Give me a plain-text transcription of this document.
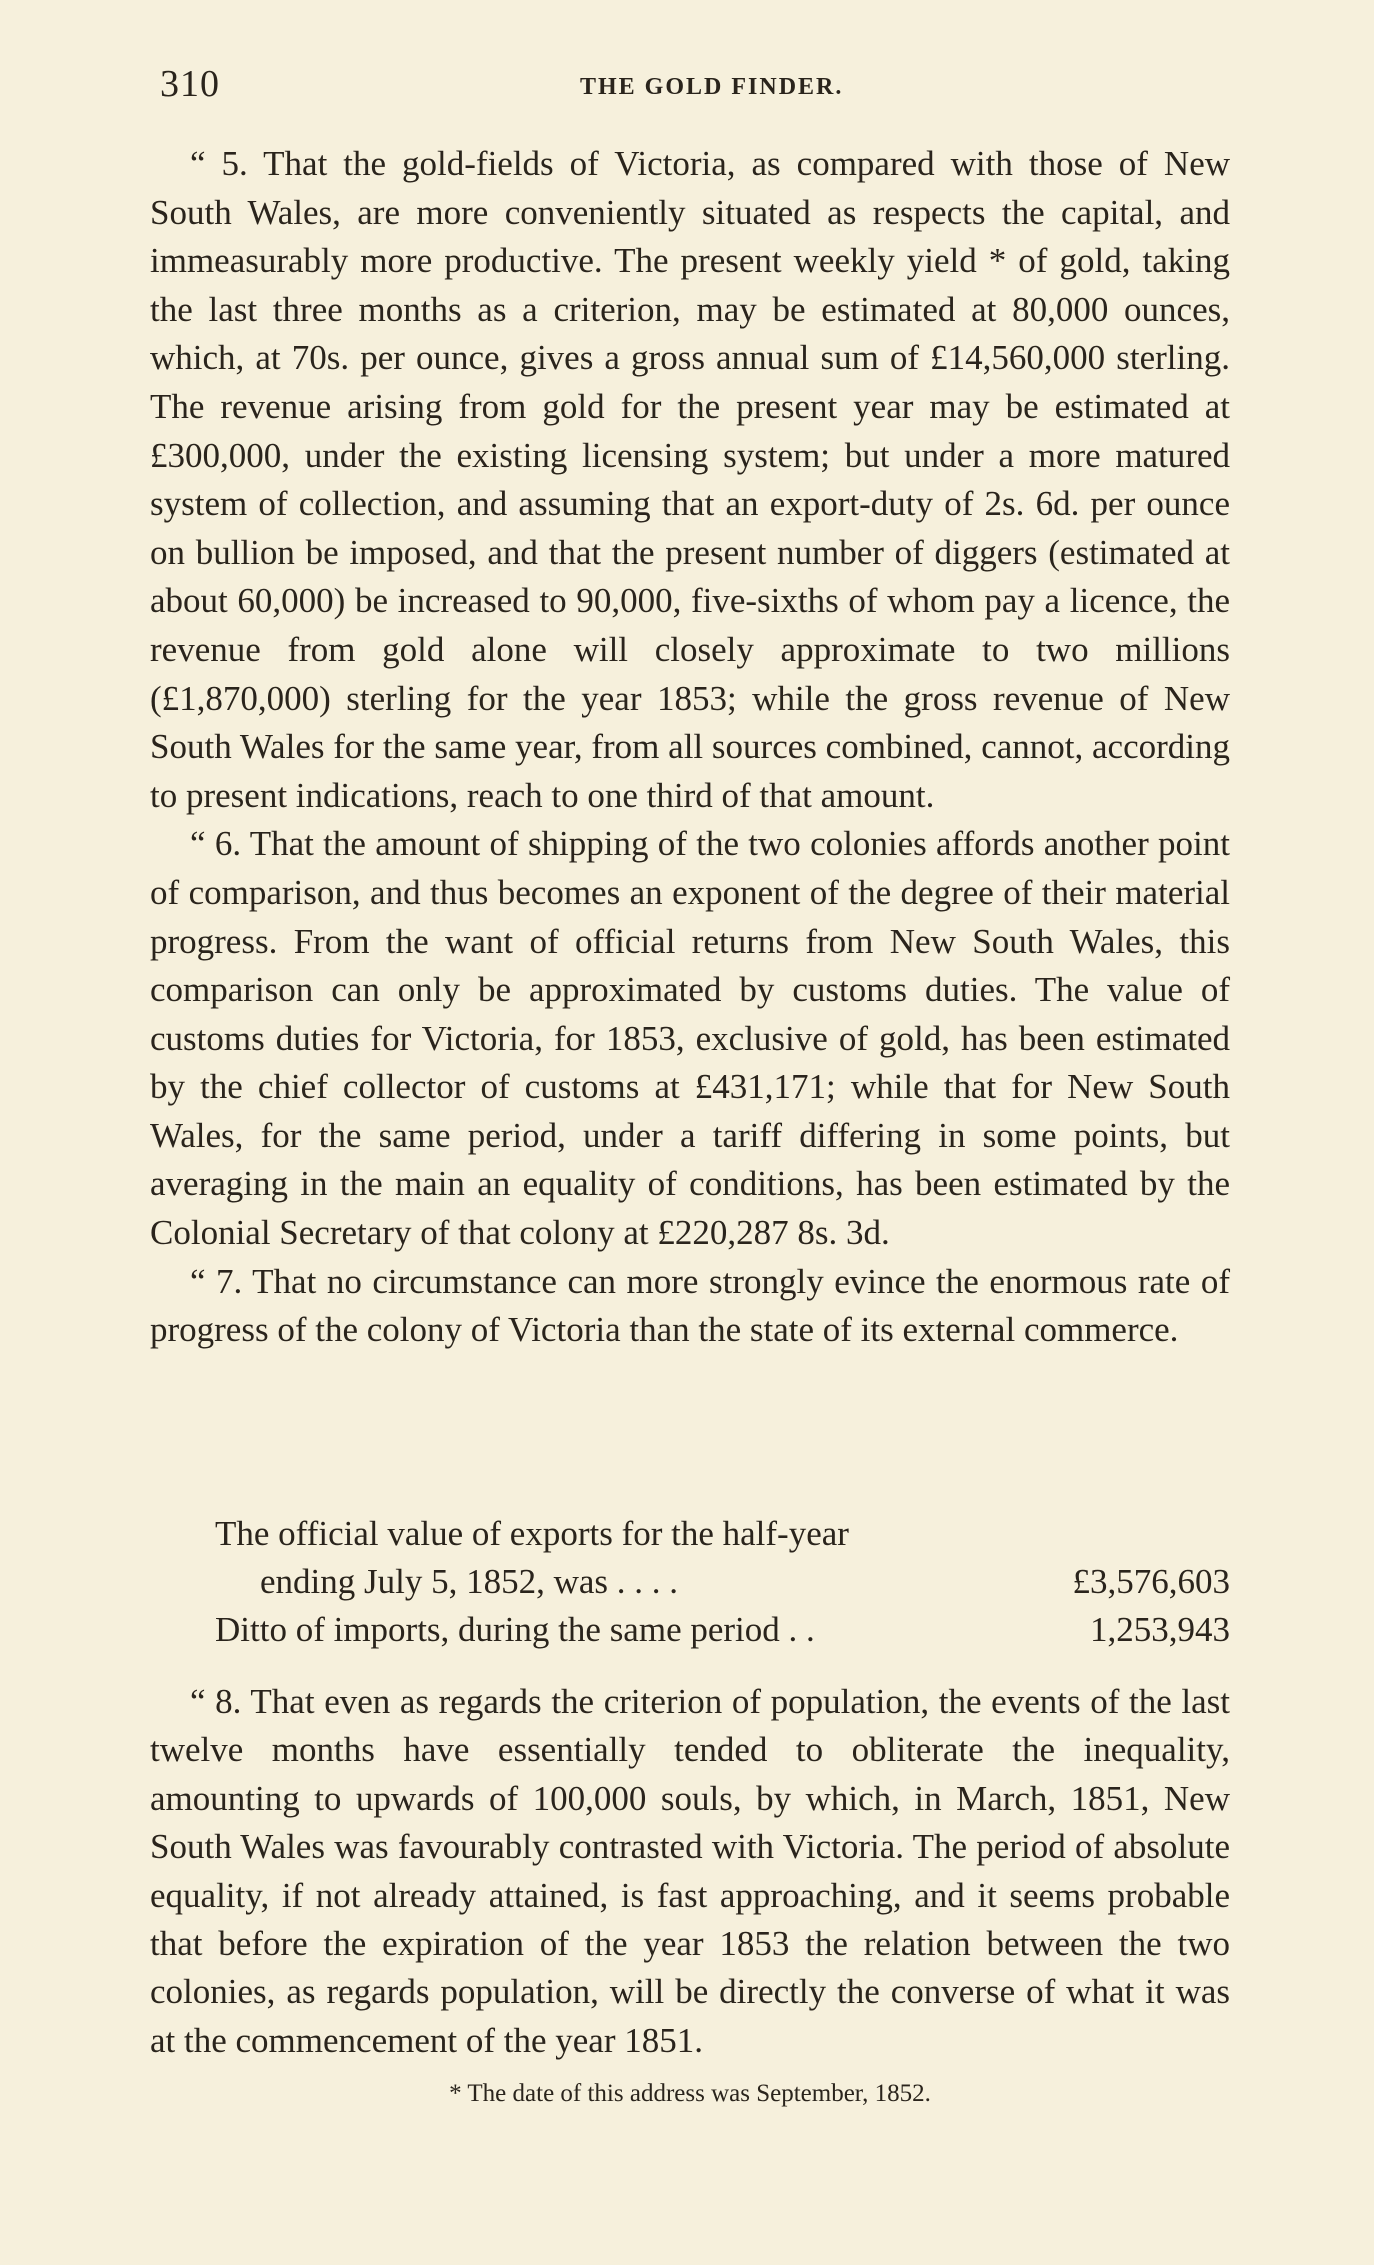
310	THE GOLD FINDER.

“ 5. That the gold-fields of Victoria, as compared with those of New South Wales, are more conveniently situated as respects the capital, and immeasurably more productive. The present weekly yield * of gold, taking the last three months as a criterion, may be estimated at 80,000 ounces, which, at 70s. per ounce, gives a gross annual sum of £14,560,000 sterling. The revenue arising from gold for the present year may be estimated at £300,000, under the existing licensing system; but under a more matured system of collection, and assuming that an export-duty of 2s. 6d. per ounce on bullion be imposed, and that the present number of diggers (estimated at about 60,000) be increased to 90,000, five-sixths of whom pay a licence, the revenue from gold alone will closely approximate to two millions (£1,870,000) sterling for the year 1853; while the gross revenue of New South Wales for the same year, from all sources combined, cannot, according to present indications, reach to one third of that amount.

“ 6. That the amount of shipping of the two colonies affords another point of comparison, and thus becomes an exponent of the degree of their material progress. From the want of official returns from New South Wales, this comparison can only be approximated by customs duties. The value of customs duties for Victoria, for 1853, exclusive of gold, has been estimated by the chief collector of customs at £431,171; while that for New South Wales, for the same period, under a tariff differing in some points, but averaging in the main an equality of conditions, has been estimated by the Colonial Secretary of that colony at £220,287 8s. 3d.

“ 7. That no circumstance can more strongly evince the enormous rate of progress of the colony of Victoria than the state of its external commerce.

The official value of exports for the half-year
ending July 5, 1852, was . . . .	£3,576,603
Ditto of imports, during the same period . .	1,253,943

“ 8. That even as regards the criterion of population, the events of the last twelve months have essentially tended to obliterate the inequality, amounting to upwards of 100,000 souls, by which, in March, 1851, New South Wales was favourably contrasted with Victoria. The period of absolute equality, if not already attained, is fast approaching, and it seems probable that before the expiration of the year 1853 the relation between the two colonies, as regards population, will be directly the converse of what it was at the commencement of the year 1851.

* The date of this address was September, 1852.
